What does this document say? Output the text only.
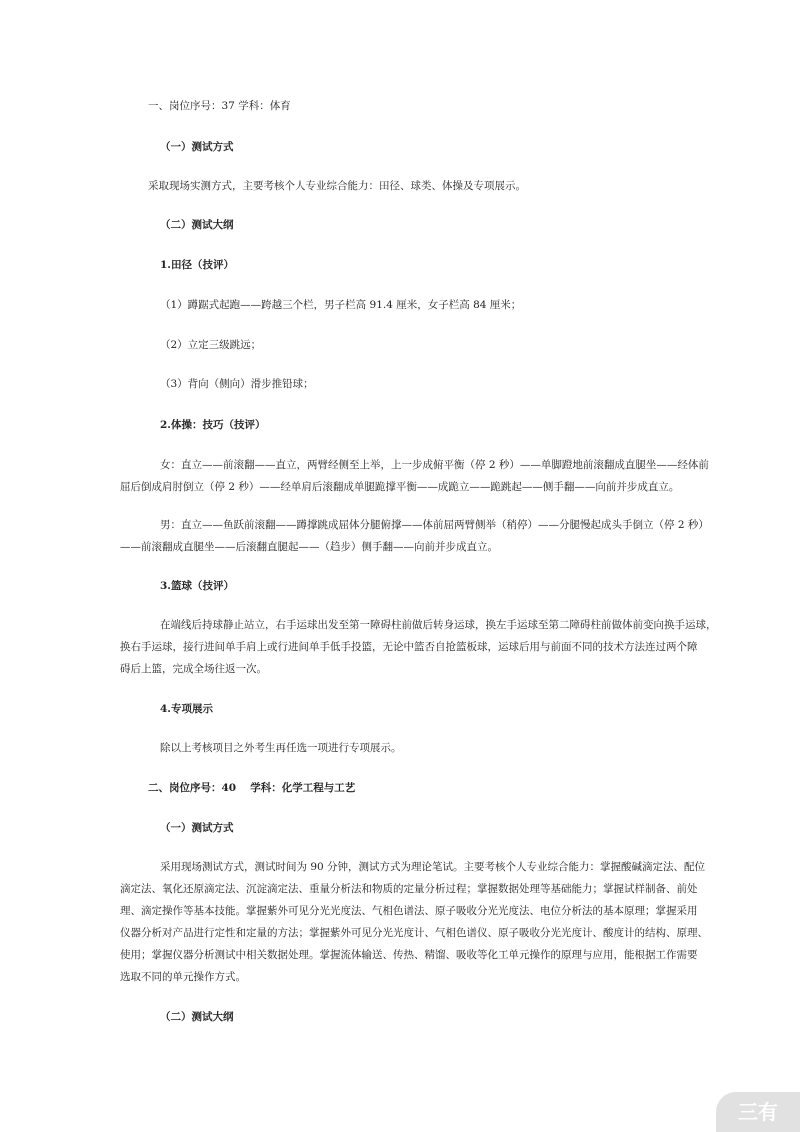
一、岗位序号：37 学科：体育
（一）测试方式
采取现场实测方式，主要考核个人专业综合能力：田径、球类、体操及专项展示。
（二）测试大纲
1.田径（技评）
（1）蹲踞式起跑——跨越三个栏，男子栏高 91.4 厘米，女子栏高 84 厘米；
（2）立定三级跳远；
（3）背向（侧向）滑步推铅球；
2.体操：技巧（技评）
女：直立——前滚翻——直立，两臂经侧至上举，上一步成俯平衡（停 2 秒）——单脚蹬地前滚翻成直腿坐——经体前
屈后倒成肩肘倒立（停 2 秒）——经单肩后滚翻成单腿跪撑平衡——成跪立——跪跳起——侧手翻——向前并步成直立。
男：直立——鱼跃前滚翻——蹲撑跳成屈体分腿俯撑——体前屈两臂侧举（稍停）——分腿慢起成头手倒立（停 2 秒）
——前滚翻成直腿坐——后滚翻直腿起——（趋步）侧手翻——向前并步成直立。
3.篮球（技评）
在端线后持球静止站立，右手运球出发至第一障碍柱前做后转身运球，换左手运球至第二障碍柱前做体前变向换手运球，
换右手运球，接行进间单手肩上或行进间单手低手投篮，无论中篮否自抢篮板球，运球后用与前面不同的技术方法连过两个障
碍后上篮，完成全场往返一次。
4.专项展示
除以上考核项目之外考生再任选一项进行专项展示。
二、岗位序号：40　 学科：化学工程与工艺
（一）测试方式
采用现场测试方式，测试时间为 90 分钟，测试方式为理论笔试。主要考核个人专业综合能力：掌握酸碱滴定法、配位
滴定法、氧化还原滴定法、沉淀滴定法、重量分析法和物质的定量分析过程；掌握数据处理等基础能力；掌握试样制备、前处
理、滴定操作等基本技能。掌握紫外可见分光光度法、气相色谱法、原子吸收分光光度法、电位分析法的基本原理；掌握采用
仪器分析对产品进行定性和定量的方法；掌握紫外可见分光光度计、气相色谱仪、原子吸收分光光度计、酸度计的结构、原理、
使用；掌握仪器分析测试中相关数据处理。掌握流体输送、传热、精馏、吸收等化工单元操作的原理与应用，能根据工作需要
选取不同的单元操作方式。
（二）测试大纲
三有
